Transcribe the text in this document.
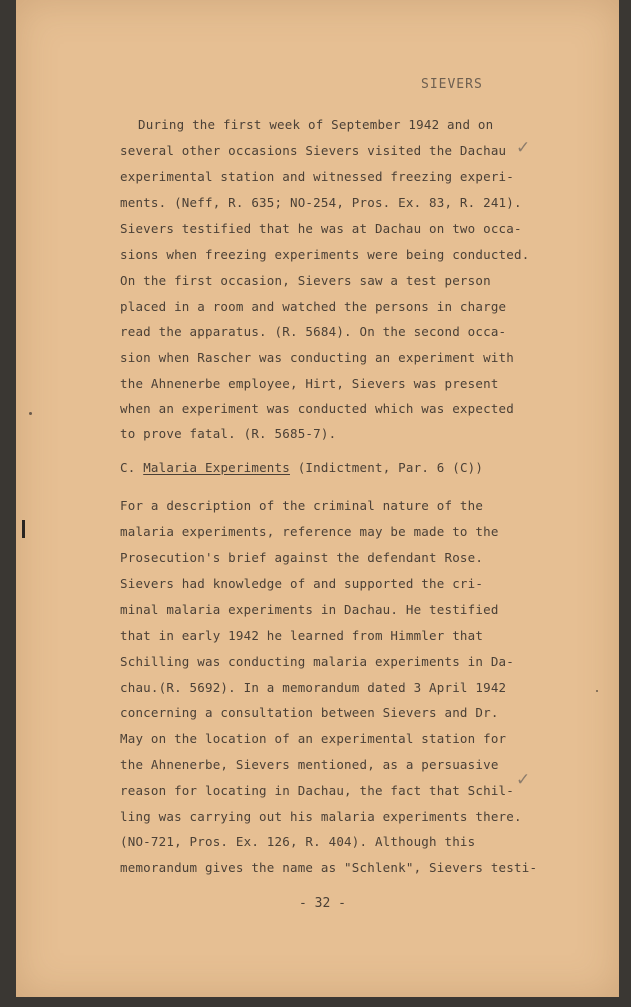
SIEVERS
During the first week of September 1942 and on
several other occasions Sievers visited the Dachau
experimental station and witnessed freezing experi-
ments. (Neff, R. 635; NO-254, Pros. Ex. 83, R. 241).
Sievers testified that he was at Dachau on two occa-
sions when freezing experiments were being conducted.
On the first occasion, Sievers saw a test person
placed in a room and watched the persons in charge
read the apparatus. (R. 5684). On the second occa-
sion when Rascher was conducting an experiment with
the Ahnenerbe employee, Hirt, Sievers was present
when an experiment was conducted which was expected
to prove fatal. (R. 5685-7).
C. Malaria Experiments (Indictment, Par. 6 (C))
For a description of the criminal nature of the
malaria experiments, reference may be made to the
Prosecution's brief against the defendant Rose.
Sievers had knowledge of and supported the cri-
minal malaria experiments in Dachau. He testified
that in early 1942 he learned from Himmler that
Schilling was conducting malaria experiments in Da-
chau.(R. 5692). In a memorandum dated 3 April 1942
concerning a consultation between Sievers and Dr.
May on the location of an experimental station for
the Ahnenerbe, Sievers mentioned, as a persuasive
reason for locating in Dachau, the fact that Schil-
ling was carrying out his malaria experiments there.
(NO-721, Pros. Ex. 126, R. 404). Although this
memorandum gives the name as "Schlenk", Sievers testi-
- 32 -
✓
✓
